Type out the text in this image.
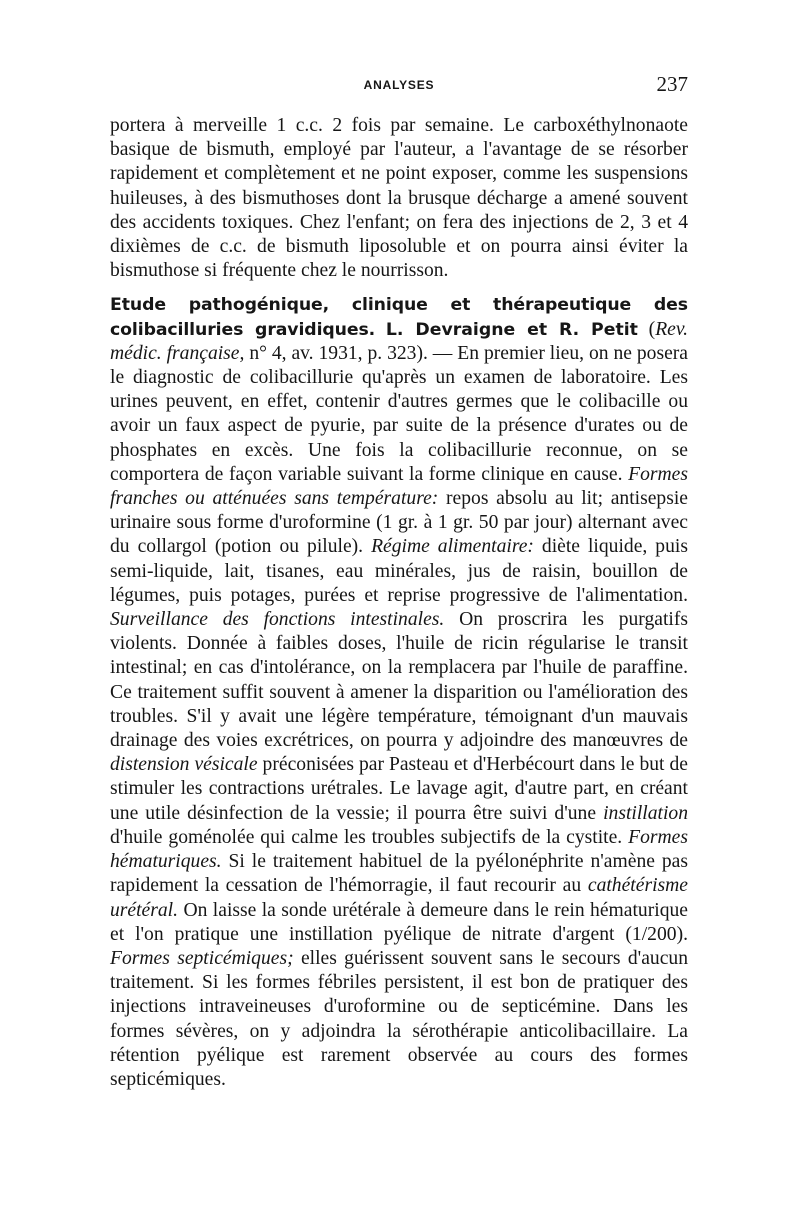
ANALYSES	237

portera à merveille 1 c.c. 2 fois par semaine. Le carboxéthylnonaote basique de bismuth, employé par l'auteur, a l'avantage de se résorber rapidement et complètement et ne point exposer, comme les suspensions huileuses, à des bismuthoses dont la brusque décharge a amené souvent des accidents toxiques. Chez l'enfant; on fera des injections de 2, 3 et 4 dixièmes de c.c. de bismuth liposoluble et on pourra ainsi éviter la bismuthose si fréquente chez le nourrisson.

Etude pathogénique, clinique et thérapeutique des colibacilluries gravidiques. L. Devraigne et R. Petit (Rev. médic. française, n° 4, av. 1931, p. 323). — En premier lieu, on ne posera le diagnostic de colibacillurie qu'après un examen de laboratoire. Les urines peuvent, en effet, contenir d'autres germes que le colibacille ou avoir un faux aspect de pyurie, par suite de la présence d'urates ou de phosphates en excès. Une fois la colibacillurie reconnue, on se comportera de façon variable suivant la forme clinique en cause. Formes franches ou atténuées sans température: repos absolu au lit; antisepsie urinaire sous forme d'uroformine (1 gr. à 1 gr. 50 par jour) alternant avec du collargol (potion ou pilule). Régime alimentaire: diète liquide, puis semi-liquide, lait, tisanes, eau minérales, jus de raisin, bouillon de légumes, puis potages, purées et reprise progressive de l'alimentation. Surveillance des fonctions intestinales. On proscrira les purgatifs violents. Donnée à faibles doses, l'huile de ricin régularise le transit intestinal; en cas d'intolérance, on la remplacera par l'huile de paraffine. Ce traitement suffit souvent à amener la disparition ou l'amélioration des troubles. S'il y avait une légère température, témoignant d'un mauvais drainage des voies excrétrices, on pourra y adjoindre des manœuvres de distension vésicale préconisées par Pasteau et d'Herbécourt dans le but de stimuler les contractions urétrales. Le lavage agit, d'autre part, en créant une utile désinfection de la vessie; il pourra être suivi d'une instillation d'huile goménolée qui calme les troubles subjectifs de la cystite. Formes hématuriques. Si le traitement habituel de la pyélonéphrite n'amène pas rapidement la cessation de l'hémorragie, il faut recourir au cathétérisme urétéral. On laisse la sonde urétérale à demeure dans le rein hématurique et l'on pratique une instillation pyélique de nitrate d'argent (1/200). Formes septicémiques; elles guérissent souvent sans le secours d'aucun traitement. Si les formes fébriles persistent, il est bon de pratiquer des injections intraveineuses d'uroformine ou de septicémine. Dans les formes sévères, on y adjoindra la sérothérapie anticolibacillaire. La rétention pyélique est rarement observée au cours des formes septicémiques.
